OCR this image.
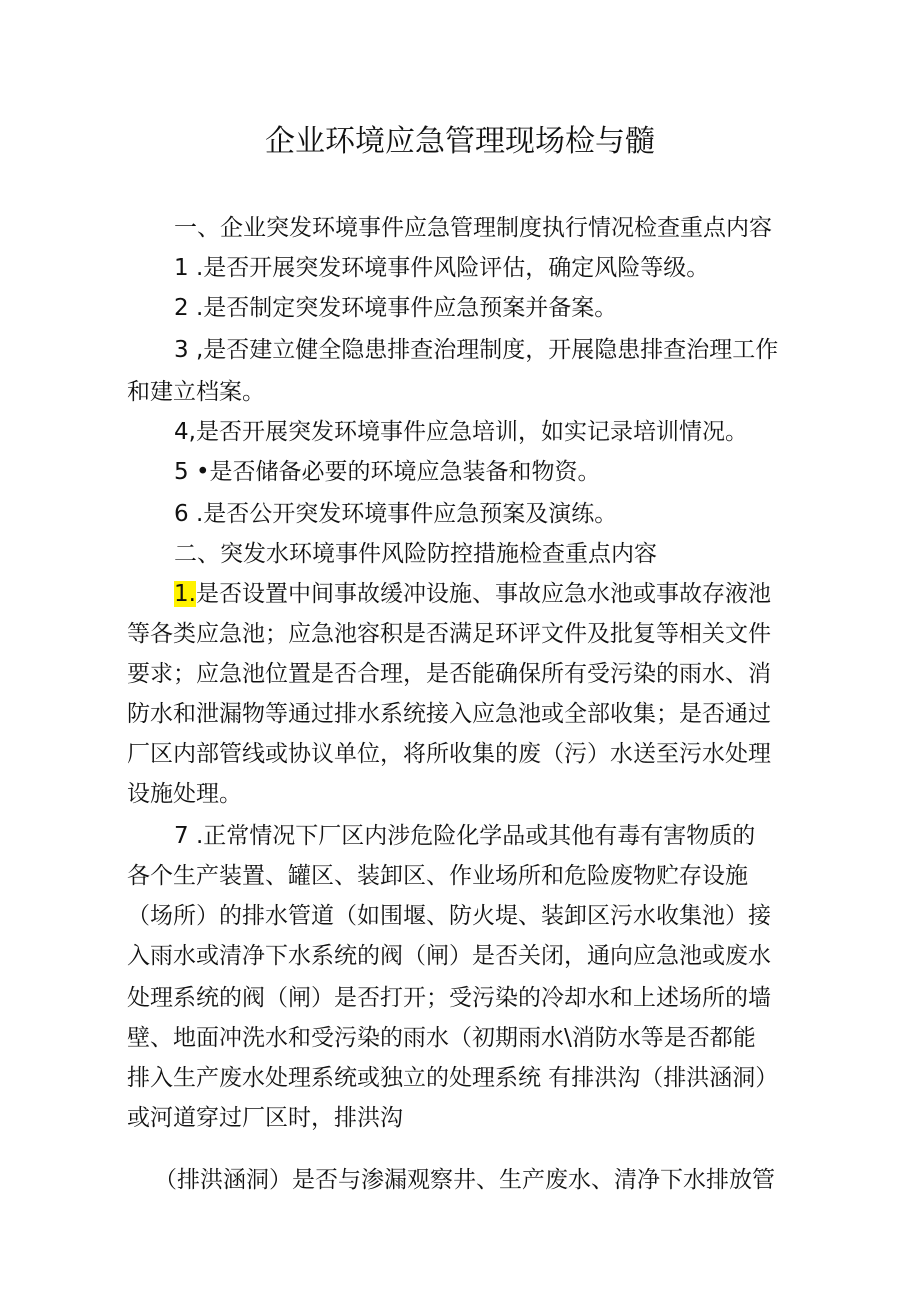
企业环境应急管理现场检与髓
一、企业突发环境事件应急管理制度执行情况检查重点内容
1 .是否开展突发环境事件风险评估，确定风险等级。
2 .是否制定突发环境事件应急预案并备案。
3 ,是否建立健全隐患排查治理制度，开展隐患排查治理工作
和建立档案。
4,是否开展突发环境事件应急培训，如实记录培训情况。
5 •是否储备必要的环境应急装备和物资。
6 .是否公开突发环境事件应急预案及演练。
二、突发水环境事件风险防控措施检查重点内容
1.是否设置中间事故缓冲设施、事故应急水池或事故存液池
等各类应急池；应急池容积是否满足环评文件及批复等相关文件
要求；应急池位置是否合理，是否能确保所有受污染的雨水、消
防水和泄漏物等通过排水系统接入应急池或全部收集；是否通过
厂区内部管线或协议单位，将所收集的废（污）水送至污水处理
设施处理。
7 .正常情况下厂区内涉危险化学品或其他有毒有害物质的
各个生产装置、罐区、装卸区、作业场所和危险废物贮存设施
（场所）的排水管道（如围堰、防火堤、装卸区污水收集池）接
入雨水或清净下水系统的阀（闸）是否关闭，通向应急池或废水
处理系统的阀（闸）是否打开；受污染的冷却水和上述场所的墙
壁、地面冲洗水和受污染的雨水（初期雨水\消防水等是否都能
排入生产废水处理系统或独立的处理系统 有排洪沟（排洪涵洞）
或河道穿过厂区时，排洪沟
（排洪涵洞）是否与渗漏观察井、生产废水、清净下水排放管
